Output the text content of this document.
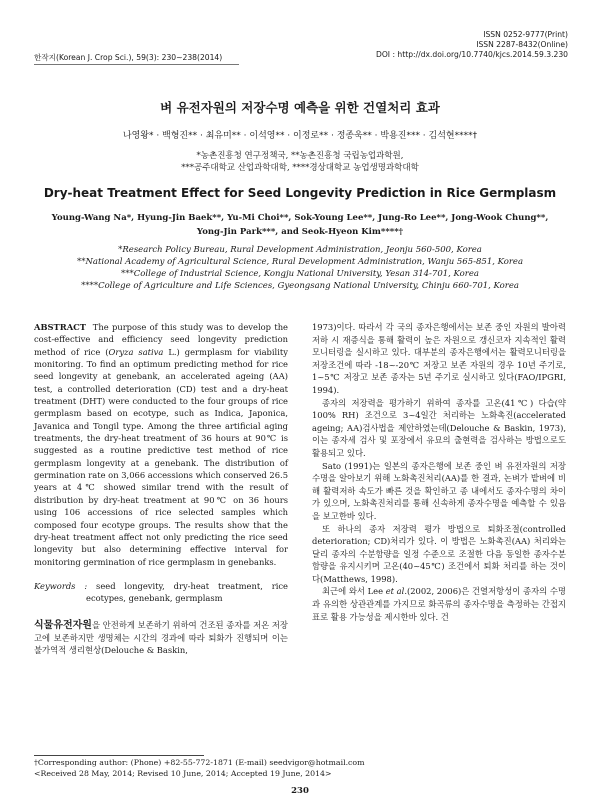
한작지(Korean J. Crop Sci.), 59(3): 230~238(2014)
ISSN 0252-9777(Print)
ISSN 2287-8432(Online)
DOI : http://dx.doi.org/10.7740/kjcs.2014.59.3.230
벼 유전자원의 저장수명 예측을 위한 건열처리 효과
나영왕* · 백형진** · 최유미** · 이석영** · 이정로** · 정종욱** · 박용진*** · 김석현****†
*농촌진흥청 연구정책국, **농촌진흥청 국립농업과학원,
***공주대학교 산업과학대학, ****경상대학교 농업생명과학대학
Dry-heat Treatment Effect for Seed Longevity Prediction in Rice Germplasm
Young-Wang Na*, Hyung-Jin Baek**, Yu-Mi Choi**, Sok-Young Lee**, Jung-Ro Lee**, Jong-Wook Chung**,
Yong-Jin Park***, and Seok-Hyeon Kim****†
*Research Policy Bureau, Rural Development Administration, Jeonju 560-500, Korea
**National Academy of Agricultural Science, Rural Development Administration, Wanju 565-851, Korea
***College of Industrial Science, Kongju National University, Yesan 314-701, Korea
****College of Agriculture and Life Sciences, Gyeongsang National University, Chinju 660-701, Korea
ABSTRACT The purpose of this study was to develop the cost-effective and efficiency seed longevity prediction method of rice (Oryza sativa L.) germplasm for viability monitoring. To find an optimum predicting method for rice seed longevity at genebank, an accelerated ageing (AA) test, a controlled deterioration (CD) test and a dry-heat treatment (DHT) were conducted to the four groups of rice germplasm based on ecotype, such as Indica, Japonica, Javanica and Tongil type. Among the three artificial aging treatments, the dry-heat treatment of 36 hours at 90℃ is suggested as a routine predictive test method of rice germplasm longevity at a genebank. The distribution of germination rate on 3,066 accessions which conserved 26.5 years at 4℃ showed similar trend with the result of distribution by dry-heat treatment at 90℃ on 36 hours using 106 accessions of rice selected samples which composed four ecotype groups. The results show that the dry-heat treatment affect not only predicting the rice seed longevity but also determining effective interval for monitoring germination of rice germplasm in genebanks.
Keywords : seed longevity, dry-heat treatment, rice ecotypes, genebank, germplasm
식물유전자원을 안전하게 보존하기 위하여 건조된 종자를 저온 저장고에 보존하지만 생명체는 시간의 경과에 따라 퇴화가 진행되며 이는 불가역적 생리현상(Delouche & Baskin,

1973)이다. 따라서 각 국의 종자은행에서는 보존 중인 자원의 발아력 저하 시 재증식을 통해 활력이 높은 자원으로 갱신코자 지속적인 활력모니터링을 실시하고 있다. 대부분의 종자은행에서는 활력모니터링을 저장조건에 따라 -18~-20℃ 저장고 보존 자원의 경우 10년 주기로, 1~5℃ 저장고 보존 종자는 5년 주기로 실시하고 있다(FAO/IPGRI, 1994).

종자의 저장력을 평가하기 위하여 종자를 고온(41℃) 다습(약 100% RH) 조건으로 3~4일간 처리하는 노화촉진(accelerated ageing; AA)검사법을 제안하였는데(Delouche & Baskin, 1973), 이는 종자세 검사 및 포장에서 유묘의 출현력을 검사하는 방법으로도 활용되고 있다.

Sato (1991)는 일본의 종자은행에 보존 중인 벼 유전자원의 저장수명을 알아보기 위해 노화촉진처리(AA)를 한 결과, 논벼가 밭벼에 비해 활력저하 속도가 빠른 것을 확인하고 종 내에서도 종자수명의 차이가 있으며, 노화촉진처리를 통해 신속하게 종자수명을 예측할 수 있음을 보고한바 있다.

또 하나의 종자 저장력 평가 방법으로 퇴화조절(controlled deterioration; CD)처리가 있다. 이 방법은 노화촉진(AA) 처리와는 달리 종자의 수분함량을 일정 수준으로 조절한 다음 동일한 종자수분함량을 유지시키며 고온(40~45℃) 조건에서 퇴화 처리를 하는 것이다(Matthews, 1998).

최근에 와서 Lee et al.(2002, 2006)은 건열저항성이 종자의 수명과 유의한 상관관계를 가지므로 화곡류의 종자수명을 측정하는 간접지표로 활용 가능성을 제시한바 있다. 건

†Corresponding author: (Phone) +82-55-772-1871 (E-mail) seedvigor@hotmail.com
<Received 28 May, 2014; Revised 10 June, 2014; Accepted 19 June, 2014>
230
